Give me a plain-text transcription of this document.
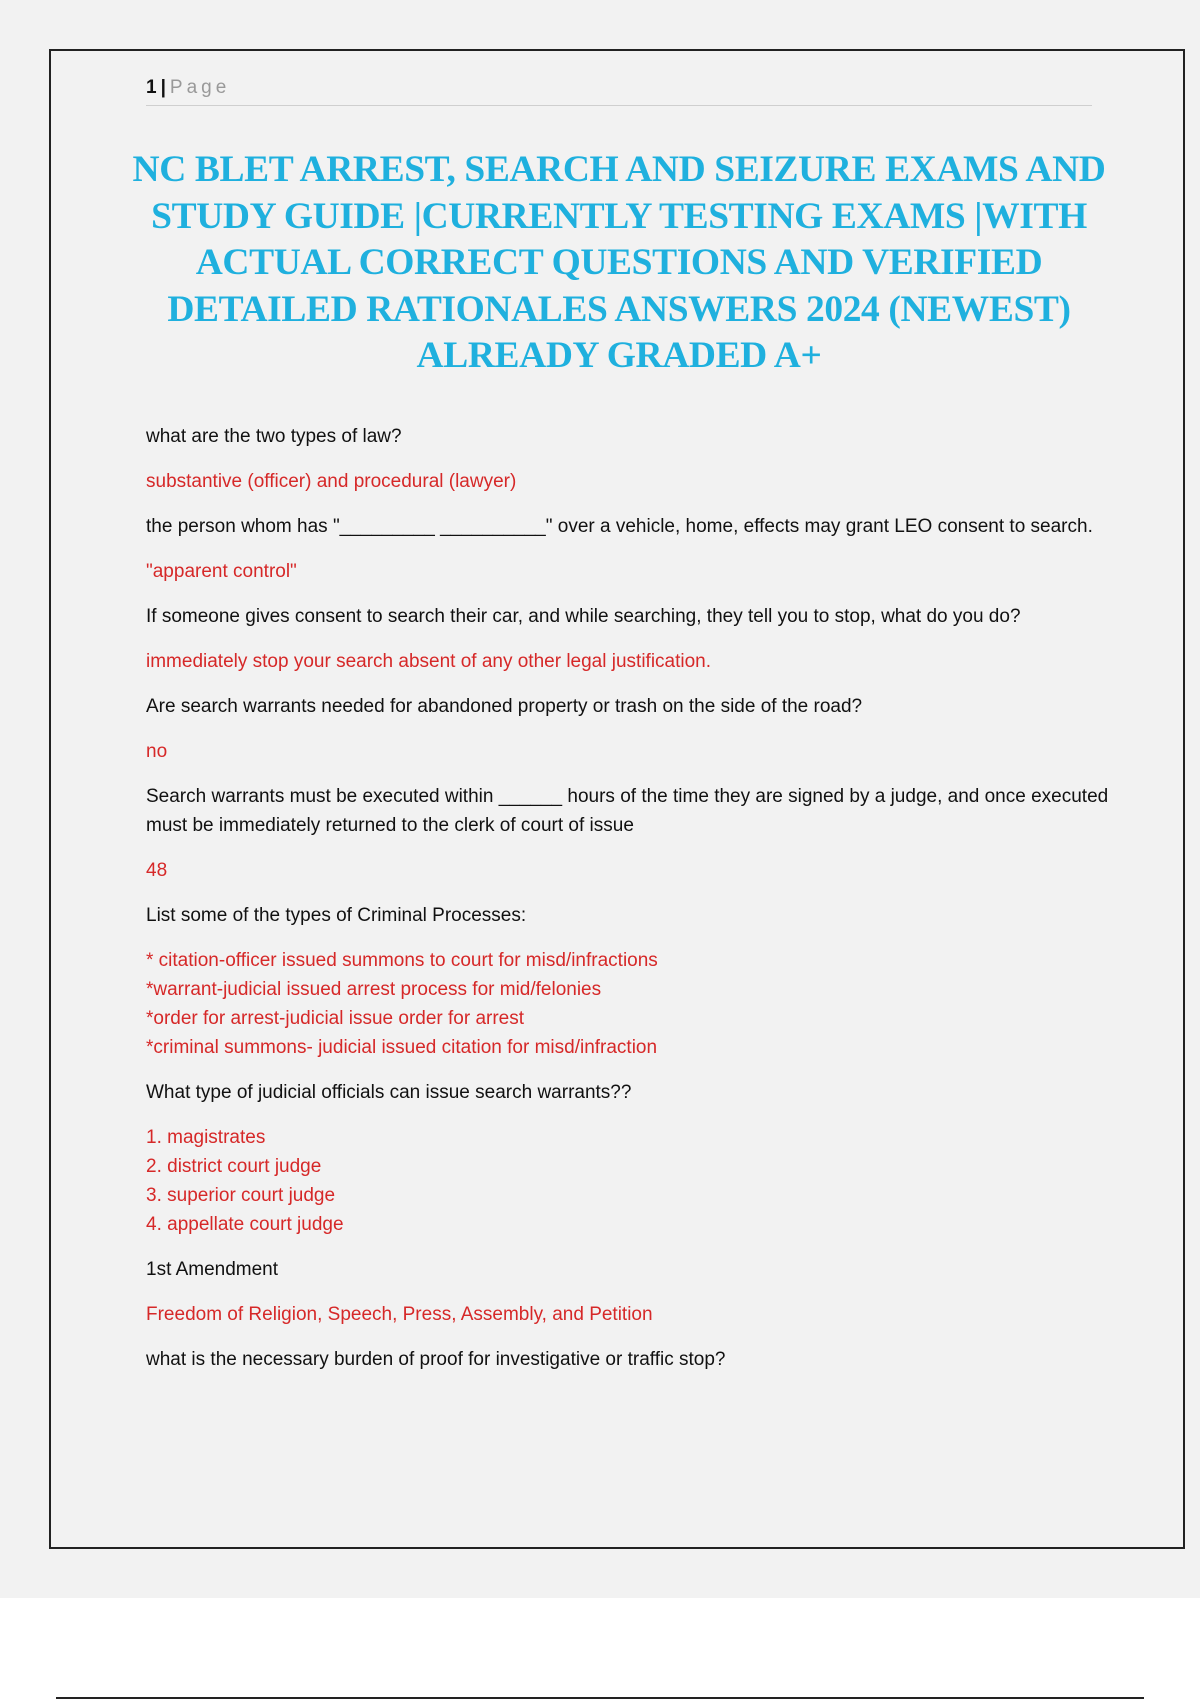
1 | Page
NC BLET ARREST, SEARCH AND SEIZURE EXAMS AND STUDY GUIDE |CURRENTLY TESTING EXAMS |WITH ACTUAL CORRECT QUESTIONS AND VERIFIED DETAILED RATIONALES ANSWERS 2024 (NEWEST) ALREADY GRADED A+
what are the two types of law?
substantive (officer) and procedural (lawyer)
the person whom has "_________ __________" over a vehicle, home, effects may grant LEO consent to search.
"apparent control"
If someone gives consent to search their car, and while searching, they tell you to stop, what do you do?
immediately stop your search absent of any other legal justification.
Are search warrants needed for abandoned property or trash on the side of the road?
no
Search warrants must be executed within ______ hours of the time they are signed by a judge, and once executed must be immediately returned to the clerk of court of issue
48
List some of the types of Criminal Processes:
* citation-officer issued summons to court for misd/infractions
*warrant-judicial issued arrest process for mid/felonies
*order for arrest-judicial issue order for arrest
*criminal summons- judicial issued citation for misd/infraction
What type of judicial officials can issue search warrants??
1. magistrates
2. district court judge
3. superior court judge
4. appellate court judge
1st Amendment
Freedom of Religion, Speech, Press, Assembly, and Petition
what is the necessary burden of proof for investigative or traffic stop?
